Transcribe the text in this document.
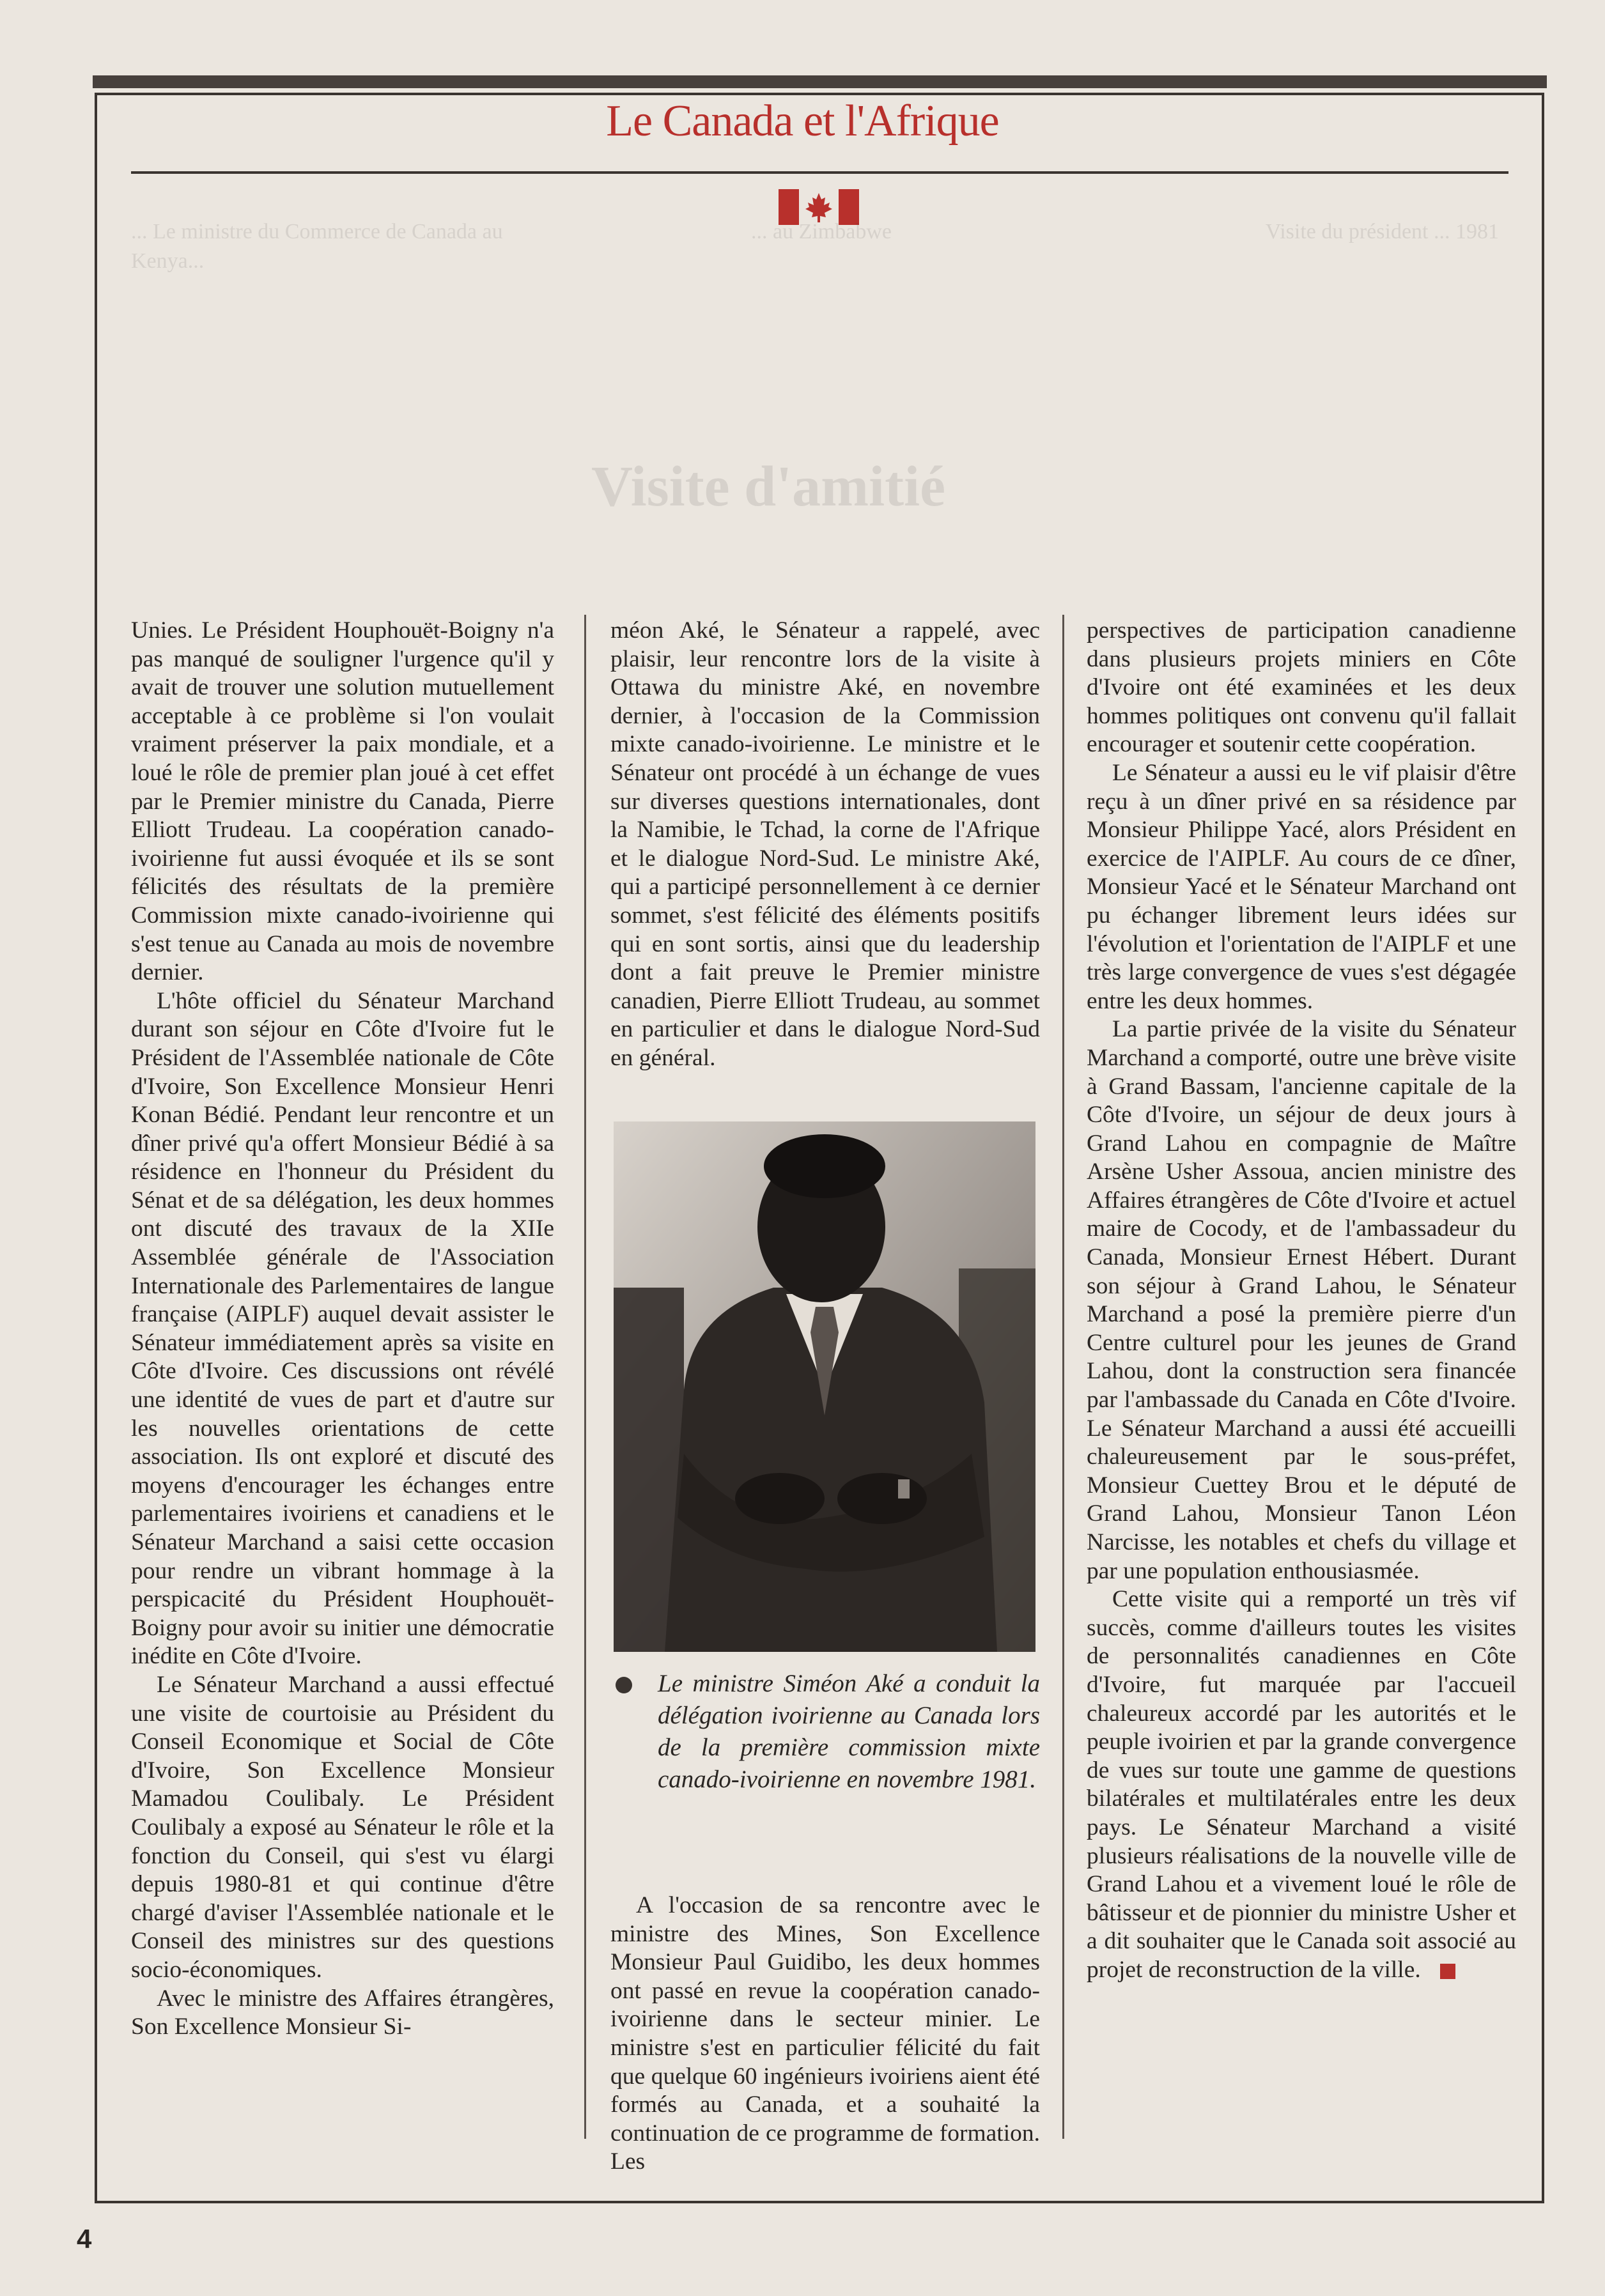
Le Canada et l'Afrique
... Le ministre du Commerce de Canada au Kenya...
... au Zimbabwe	Visite du président ... 1981
Visite d'amitié

Unies. Le Président Houphouët-Boigny n'a pas manqué de souligner l'urgence qu'il y avait de trouver une solution mutuellement acceptable à ce problème si l'on voulait vraiment préserver la paix mondiale, et a loué le rôle de premier plan joué à cet effet par le Premier ministre du Canada, Pierre Elliott Trudeau. La coopération canado-ivoirienne fut aussi évoquée et ils se sont félicités des résultats de la première Commission mixte canado-ivoirienne qui s'est tenue au Canada au mois de novembre dernier.

L'hôte officiel du Sénateur Marchand durant son séjour en Côte d'Ivoire fut le Président de l'Assemblée nationale de Côte d'Ivoire, Son Excellence Monsieur Henri Konan Bédié. Pendant leur rencontre et un dîner privé qu'a offert Monsieur Bédié à sa résidence en l'honneur du Président du Sénat et de sa délégation, les deux hommes ont discuté des travaux de la XIIe Assemblée générale de l'Association Internationale des Parlementaires de langue française (AIPLF) auquel devait assister le Sénateur immédiatement après sa visite en Côte d'Ivoire. Ces discussions ont révélé une identité de vues de part et d'autre sur les nouvelles orientations de cette association. Ils ont exploré et discuté des moyens d'encourager les échanges entre parlementaires ivoiriens et canadiens et le Sénateur Marchand a saisi cette occasion pour rendre un vibrant hommage à la perspicacité du Président Houphouët-Boigny pour avoir su initier une démocratie inédite en Côte d'Ivoire.

Le Sénateur Marchand a aussi effectué une visite de courtoisie au Président du Conseil Economique et Social de Côte d'Ivoire, Son Excellence Monsieur Mamadou Coulibaly. Le Président Coulibaly a exposé au Sénateur le rôle et la fonction du Conseil, qui s'est vu élargi depuis 1980-81 et qui continue d'être chargé d'aviser l'Assemblée nationale et le Conseil des ministres sur des questions socio-économiques.

Avec le ministre des Affaires étrangères, Son Excellence Monsieur Si-

méon Aké, le Sénateur a rappelé, avec plaisir, leur rencontre lors de la visite à Ottawa du ministre Aké, en novembre dernier, à l'occasion de la Commission mixte canado-ivoirienne. Le ministre et le Sénateur ont procédé à un échange de vues sur diverses questions internationales, dont la Namibie, le Tchad, la corne de l'Afrique et le dialogue Nord-Sud. Le ministre Aké, qui a participé personnellement à ce dernier sommet, s'est félicité des éléments positifs qui en sont sortis, ainsi que du leadership dont a fait preuve le Premier ministre canadien, Pierre Elliott Trudeau, au sommet en particulier et dans le dialogue Nord-Sud en général.

Le ministre Siméon Aké a conduit la délégation ivoirienne au Canada lors de la première commission mixte canado-ivoirienne en novembre 1981.

A l'occasion de sa rencontre avec le ministre des Mines, Son Excellence Monsieur Paul Guidibo, les deux hommes ont passé en revue la coopération canado-ivoirienne dans le secteur minier. Le ministre s'est en particulier félicité du fait que quelque 60 ingénieurs ivoiriens aient été formés au Canada, et a souhaité la continuation de ce programme de formation. Les

perspectives de participation canadienne dans plusieurs projets miniers en Côte d'Ivoire ont été examinées et les deux hommes politiques ont convenu qu'il fallait encourager et soutenir cette coopération.

Le Sénateur a aussi eu le vif plaisir d'être reçu à un dîner privé en sa résidence par Monsieur Philippe Yacé, alors Président en exercice de l'AIPLF. Au cours de ce dîner, Monsieur Yacé et le Sénateur Marchand ont pu échanger librement leurs idées sur l'évolution et l'orientation de l'AIPLF et une très large convergence de vues s'est dégagée entre les deux hommes.

La partie privée de la visite du Sénateur Marchand a comporté, outre une brève visite à Grand Bassam, l'ancienne capitale de la Côte d'Ivoire, un séjour de deux jours à Grand Lahou en compagnie de Maître Arsène Usher Assoua, ancien ministre des Affaires étrangères de Côte d'Ivoire et actuel maire de Cocody, et de l'ambassadeur du Canada, Monsieur Ernest Hébert. Durant son séjour à Grand Lahou, le Sénateur Marchand a posé la première pierre d'un Centre culturel pour les jeunes de Grand Lahou, dont la construction sera financée par l'ambassade du Canada en Côte d'Ivoire. Le Sénateur Marchand a aussi été accueilli chaleureusement par le sous-préfet, Monsieur Cuettey Brou et le député de Grand Lahou, Monsieur Tanon Léon Narcisse, les notables et chefs du village et par une population enthousiasmée.

Cette visite qui a remporté un très vif succès, comme d'ailleurs toutes les visites de personnalités canadiennes en Côte d'Ivoire, fut marquée par l'accueil chaleureux accordé par les autorités et le peuple ivoirien et par la grande convergence de vues sur toute une gamme de questions bilatérales et multilatérales entre les deux pays. Le Sénateur Marchand a visité plusieurs réalisations de la nouvelle ville de Grand Lahou et a vivement loué le rôle de bâtisseur et de pionnier du ministre Usher et a dit souhaiter que le Canada soit associé au projet de reconstruction de la ville.

4
